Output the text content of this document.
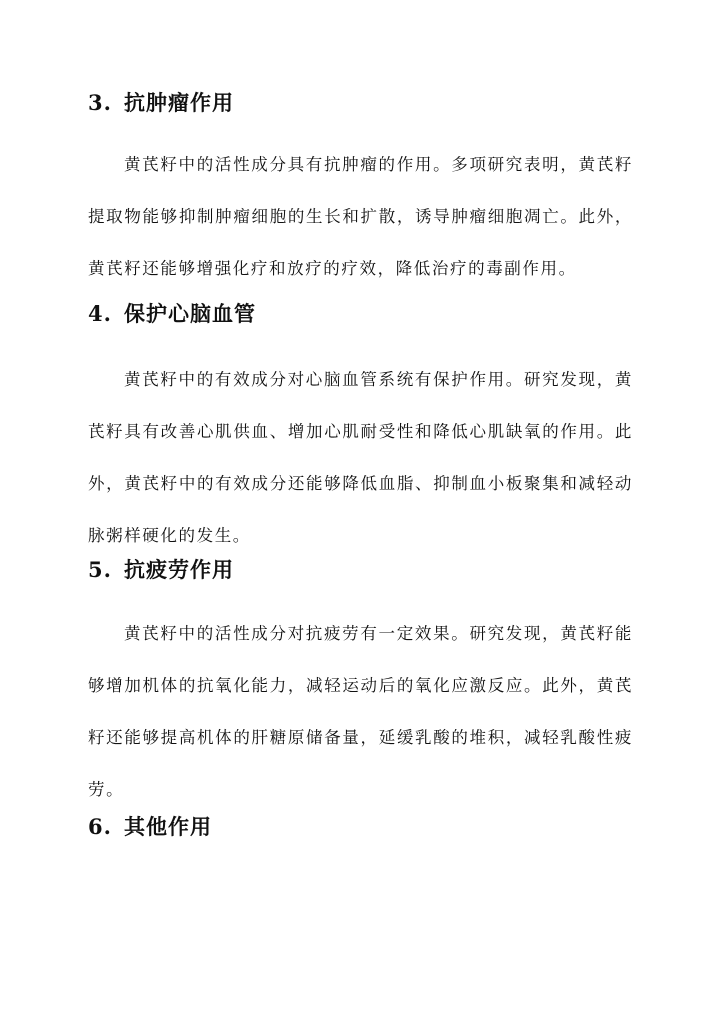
3. 抗肿瘤作用

黄芪籽中的活性成分具有抗肿瘤的作用。多项研究表明，黄芪籽提取物能够抑制肿瘤细胞的生长和扩散，诱导肿瘤细胞凋亡。此外，黄芪籽还能够增强化疗和放疗的疗效，降低治疗的毒副作用。

4. 保护心脑血管

黄芪籽中的有效成分对心脑血管系统有保护作用。研究发现，黄芪籽具有改善心肌供血、增加心肌耐受性和降低心肌缺氧的作用。此外，黄芪籽中的有效成分还能够降低血脂、抑制血小板聚集和减轻动脉粥样硬化的发生。

5. 抗疲劳作用

黄芪籽中的活性成分对抗疲劳有一定效果。研究发现，黄芪籽能够增加机体的抗氧化能力，减轻运动后的氧化应激反应。此外，黄芪籽还能够提高机体的肝糖原储备量，延缓乳酸的堆积，减轻乳酸性疲劳。

6. 其他作用
